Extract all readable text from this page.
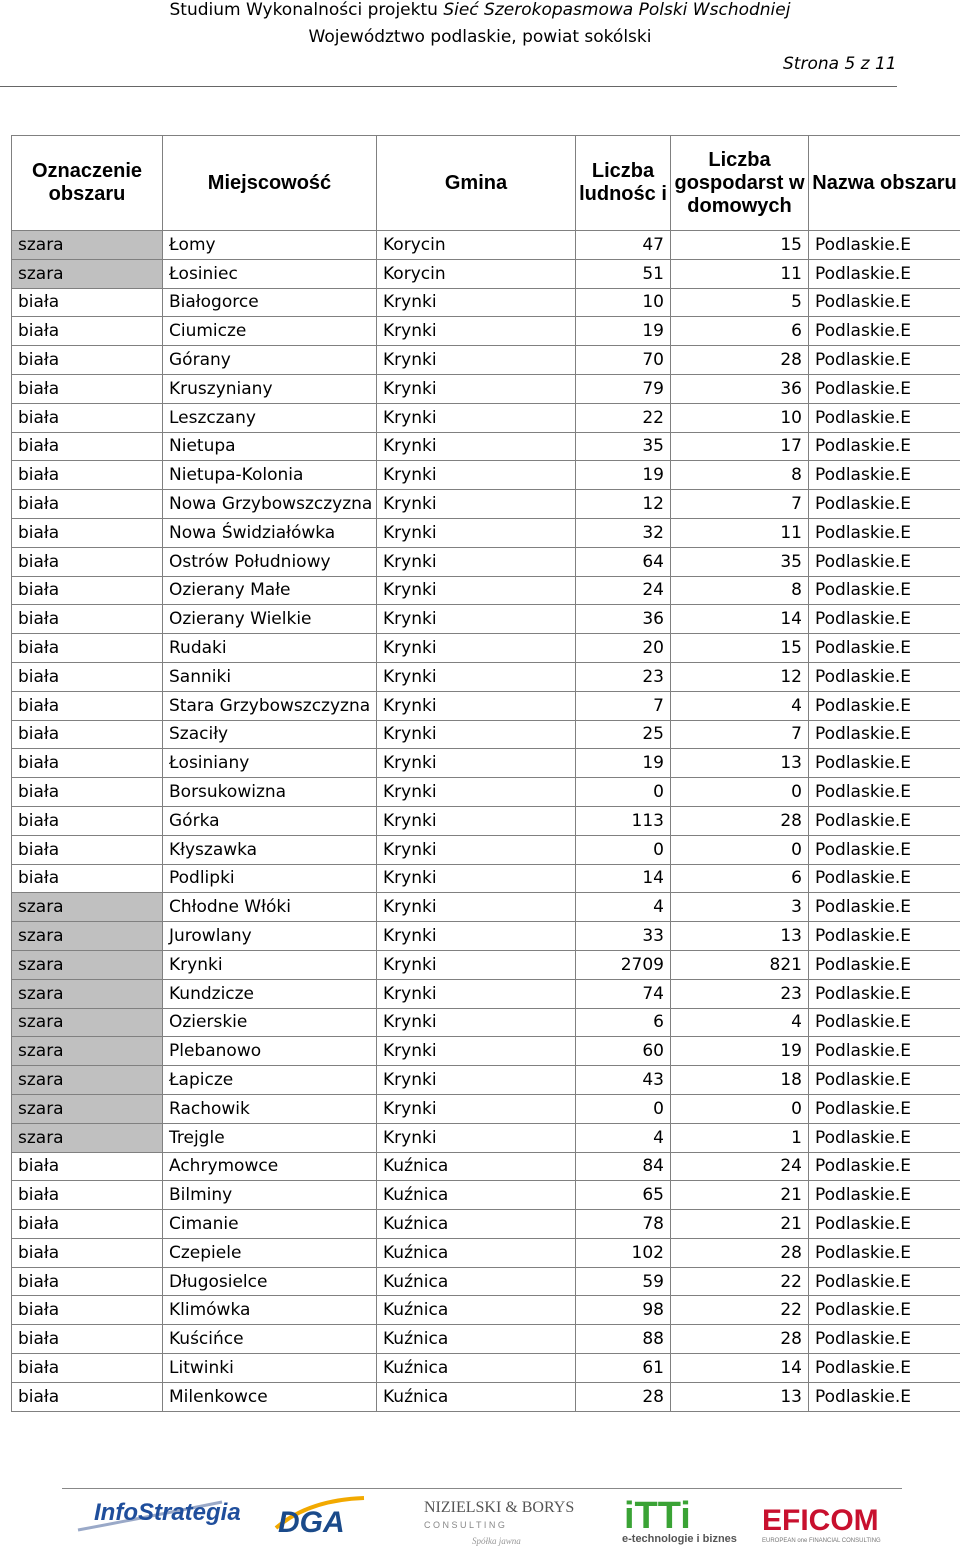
Studium Wykonalności projektu Sieć Szerokopasmowa Polski Wschodniej
Województwo podlaskie, powiat sokólski
Strona 5 z 11
Oznaczenie obszaru	Miejscowość	Gmina	Liczba ludnośc i	Liczba gospodarst w domowych	Nazwa obszaru
szara	Łomy	Korycin	47	15	Podlaskie.E
szara	Łosiniec	Korycin	51	11	Podlaskie.E
biała	Białogorce	Krynki	10	5	Podlaskie.E
biała	Ciumicze	Krynki	19	6	Podlaskie.E
biała	Górany	Krynki	70	28	Podlaskie.E
biała	Kruszyniany	Krynki	79	36	Podlaskie.E
biała	Leszczany	Krynki	22	10	Podlaskie.E
biała	Nietupa	Krynki	35	17	Podlaskie.E
biała	Nietupa-Kolonia	Krynki	19	8	Podlaskie.E
biała	Nowa Grzybowszczyzna	Krynki	12	7	Podlaskie.E
biała	Nowa Świdziałówka	Krynki	32	11	Podlaskie.E
biała	Ostrów Południowy	Krynki	64	35	Podlaskie.E
biała	Ozierany Małe	Krynki	24	8	Podlaskie.E
biała	Ozierany Wielkie	Krynki	36	14	Podlaskie.E
biała	Rudaki	Krynki	20	15	Podlaskie.E
biała	Sanniki	Krynki	23	12	Podlaskie.E
biała	Stara Grzybowszczyzna	Krynki	7	4	Podlaskie.E
biała	Szaciły	Krynki	25	7	Podlaskie.E
biała	Łosiniany	Krynki	19	13	Podlaskie.E
biała	Borsukowizna	Krynki	0	0	Podlaskie.E
biała	Górka	Krynki	113	28	Podlaskie.E
biała	Kłyszawka	Krynki	0	0	Podlaskie.E
biała	Podlipki	Krynki	14	6	Podlaskie.E
szara	Chłodne Włóki	Krynki	4	3	Podlaskie.E
szara	Jurowlany	Krynki	33	13	Podlaskie.E
szara	Krynki	Krynki	2709	821	Podlaskie.E
szara	Kundzicze	Krynki	74	23	Podlaskie.E
szara	Ozierskie	Krynki	6	4	Podlaskie.E
szara	Plebanowo	Krynki	60	19	Podlaskie.E
szara	Łapicze	Krynki	43	18	Podlaskie.E
szara	Rachowik	Krynki	0	0	Podlaskie.E
szara	Trejgle	Krynki	4	1	Podlaskie.E
biała	Achrymowce	Kuźnica	84	24	Podlaskie.E
biała	Bilminy	Kuźnica	65	21	Podlaskie.E
biała	Cimanie	Kuźnica	78	21	Podlaskie.E
biała	Czepiele	Kuźnica	102	28	Podlaskie.E
biała	Długosielce	Kuźnica	59	22	Podlaskie.E
biała	Klimówka	Kuźnica	98	22	Podlaskie.E
biała	Kuścińce	Kuźnica	88	28	Podlaskie.E
biała	Litwinki	Kuźnica	61	14	Podlaskie.E
biała	Milenkowce	Kuźnica	28	13	Podlaskie.E
InfoStrategia DGA	NIZIELSKI & BORYS
C O N S U L T I N G
Spółka jawna
iTTi
e-technologie i biznes
EFICOM
EUROPEAN one FINANCIAL CONSULTING
